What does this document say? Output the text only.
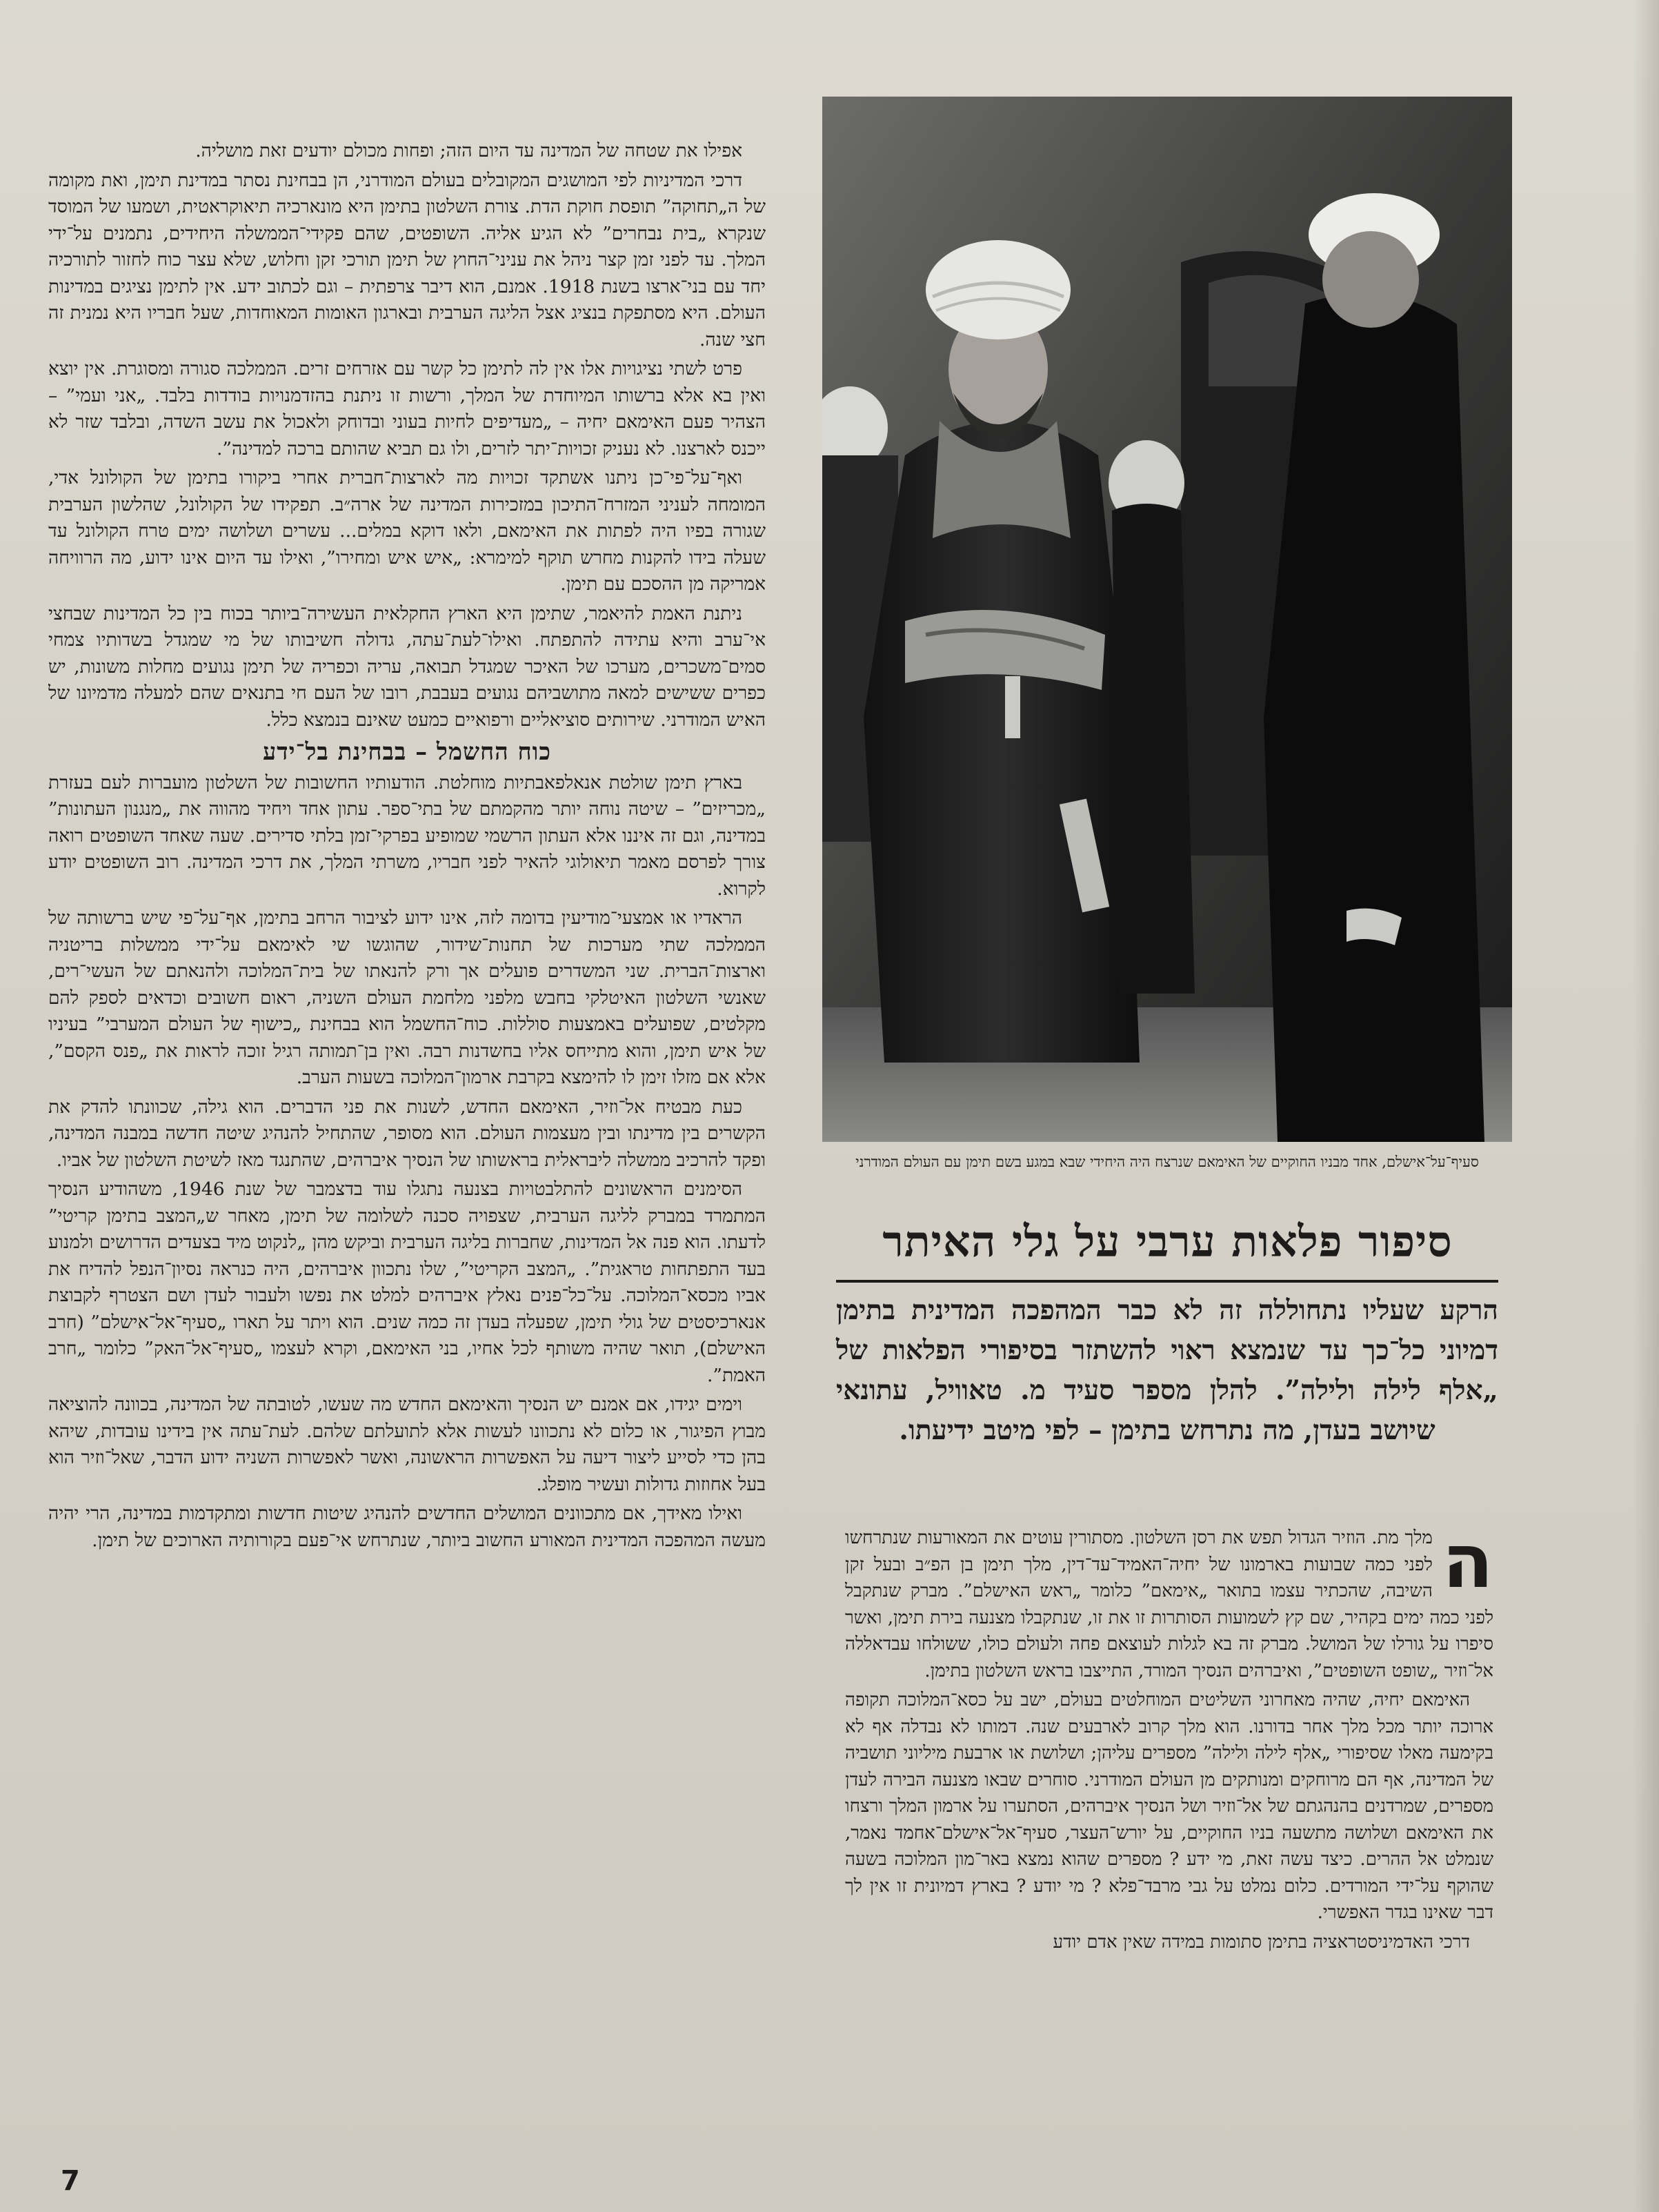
אפילו את שטחה של המדינה עד היום הזה; ופחות מכולם יודעים זאת מושליה.

דרכי המדיניות לפי המושגים המקובלים בעולם המודרני, הן בבחינת נסתר במדינת תימן, ואת מקומה של ה„תחוקה” תופסת חוקת הדת. צורת השלטון בתימן היא מונארכיה תיאוקראטית, ושמעו של המוסד שנקרא „בית נבחרים” לא הגיע אליה. השופטים, שהם פקידי־הממשלה היחידים, נתמנים על־ידי המלך. עד לפני זמן קצר ניהל את עניני־החוץ של תימן תורכי זקן וחלוש, שלא עצר כוח לחזור לתורכיה יחד עם בני־ארצו בשנת 1918. אמנם, הוא דיבר צרפתית – וגם לכתוב ידע. אין לתימן נציגים במדינות העולם. היא מסתפקת בנציג אצל הליגה הערבית ובארגון האומות המאוחדות, שעל חבריו היא נמנית זה חצי שנה.

פרט לשתי נציגויות אלו אין לה לתימן כל קשר עם אזרחים זרים. הממלכה סגורה ומסוגרת. אין יוצא ואין בא אלא ברשותו המיוחדת של המלך, ורשות זו ניתנת בהזדמנויות בודדות בלבד. „אני ועמי” – הצהיר פעם האימאם יחיה – „מעדיפים לחיות בעוני ובדוחק ולאכול את עשב השדה, ובלבד שזר לא ייכנס לארצנו. לא נעניק זכויות־יתר לזרים, ולו גם תביא שהותם ברכה למדינה”.

ואף־על־פי־כן ניתנו אשתקד זכויות מה לארצות־חברית אחרי ביקורו בתימן של הקולונל אדי, המומחה לעניני המזרח־התיכון במזכירות המדינה של ארה״ב. תפקידו של הקולונל, שהלשון הערבית שגורה בפיו היה לפתות את האימאם, ולאו דוקא במלים... עשרים ושלושה ימים טרח הקולונל עד שעלה בידו להקנות מחרש תוקף למימרא: „איש איש ומחירו”, ואילו עד היום אינו ידוע, מה הרוויחה אמריקה מן ההסכם עם תימן.

ניתנת האמת להיאמר, שתימן היא הארץ החקלאית העשירה־ביותר בכוח בין כל המדינות שבחצי אי־ערב והיא עתידה להתפתח. ואילו־לעת־עתה, גדולה חשיבותו של מי שמגדל בשדותיו צמחי סמים־משכרים, מערכו של האיכר שמגדל תבואה, עריה וכפריה של תימן נגועים מחלות משונות, יש כפרים ששישים למאה מתושביהם נגועים בעבבת, רובו של העם חי בתנאים שהם למעלה מדמיונו של האיש המודרני. שירותים סוציאליים ורפואיים כמעט שאינם בנמצא כלל.

כוח החשמל – בבחינת בל־ידע

בארץ תימן שולטת אנאלפאבתיות מוחלטת. הודעותיו החשובות של השלטון מועברות לעם בעזרת „מכריזים” – שיטה נוחה יותר מהקמתם של בתי־ספר. עתון אחד ויחיד מהווה את „מנגנון העתונות” במדינה, וגם זה איננו אלא העתון הרשמי שמופיע בפרקי־זמן בלתי סדירים. שעה שאחד השופטים רואה צורך לפרסם מאמר תיאולוגי להאיר לפני חבריו, משרתי המלך, את דרכי המדינה. רוב השופטים יודע לקרוא.

הראדיו או אמצעי־מודיעין בדומה לזה, אינו ידוע לציבור הרחב בתימן, אף־על־פי שיש ברשותה של הממלכה שתי מערכות של תחנות־שידור, שהוגשו שי לאימאם על־ידי ממשלות בריטניה וארצות־הברית. שני המשדרים פועלים אך ורק להנאתו של בית־המלוכה ולהנאתם של העשי־רים, שאנשי השלטון האיטלקי בחבש מלפני מלחמת העולם השניה, ראום חשובים וכדאים לספק להם מקלטים, שפועלים באמצעות סוללות. כוח־החשמל הוא בבחינת „כישוף של העולם המערבי” בעיניו של איש תימן, והוא מתייחס אליו בחשדנות רבה. ואין בן־תמותה רגיל זוכה לראות את „פנס הקסם”, אלא אם מזלו זימן לו להימצא בקרבת ארמון־המלוכה בשעות הערב.

כעת מבטיח אל־וזיר, האימאם החדש, לשנות את פני הדברים. הוא גילה, שכוונתו להדק את הקשרים בין מדינתו ובין מעצמות העולם. הוא מסופר, שהתחיל להנהיג שיטה חדשה במבנה המדינה, ופקד להרכיב ממשלה ליבראלית בראשותו של הנסיך איברהים, שהתנגד מאז לשיטת השלטון של אביו.

הסימנים הראשונים להתלבטויות בצנעה נתגלו עוד בדצמבר של שנת 1946, משהודיע הנסיך המתמרד במברק לליגה הערבית, שצפויה סכנה לשלומה של תימן, מאחר ש„המצב בתימן קריטי” לדעתו. הוא פנה אל המדינות, שחברות בליגה הערבית וביקש מהן „לנקוט מיד בצעדים הדרושים ולמנוע בעד התפתחות טראגית”. „המצב הקריטי”, שלו נתכוון איברהים, היה כנראה נסיון־הנפל להדיח את אביו מכסא־המלוכה. על־כל־פנים נאלץ איברהים למלט את נפשו ולעבור לעדן ושם הצטרף לקבוצת אנארכיסטים של גולי תימן, שפעלה בעדן זה כמה שנים. הוא ויתר על תארו „סעיף־אל־אישלם” (חרב האישלם), תואר שהיה משותף לכל אחיו, בני האימאם, וקרא לעצמו „סעיף־אל־האק” כלומר „חרב האמת”.

וימים יגידו, אם אמנם יש הנסיך והאימאם החדש מה שעשו, לטובתה של המדינה, בכוונה להוציאה מבוץ הפיגור, או כלום לא נתכוונו לעשות אלא לתועלתם שלהם. לעת־עתה אין בידינו עובדות, שיהא בהן כדי לסייע ליצור דיעה על האפשרות הראשונה, ואשר לאפשרות השניה ידוע הדבר, שאל־וזיר הוא בעל אחוזות גדולות ועשיר מופלג.

ואילו מאידך, אם מתכוונים המושלים החדשים להנהיג שיטות חדשות ומתקדמות במדינה, הרי יהיה מעשה המהפכה המדינית המאורע החשוב ביותר, שנתרחש אי־פעם בקורותיה הארוכים של תימן.

סעיף־על־אישלם, אחד מבניו החוקיים של האימאם שנרצח היה היחידי שבא במגע בשם תימן עם העולם המודרני
סיפור פלאות ערבי על גלי האיתר
הרקע שעליו נתחוללה זה לא כבר המהפכה המדינית בתימן דמיוני כל־כך עד שנמצא ראוי להשתזר בסיפורי הפלאות של „אלף לילה ולילה”. להלן מספר סעיד מ. טאוויל, עתונאי שיושב בעדן, מה נתרחש בתימן – לפי מיטב ידיעתו.
ה

מלך מת. הוזיר הגדול תפש את רסן השלטון. מסתורין עוטים את המאורעות שנתרחשו לפני כמה שבועות בארמונו של יחיה־האמיד־עד־דין, מלך תימן בן הפ״ב ובעל זקן השיבה, שהכתיר עצמו בתואר „אימאם” כלומר „ראש האישלם”. מברק שנתקבל לפני כמה ימים בקהיר, שם קץ לשמועות הסותרות זו את זו, שנתקבלו מצנעה בירת תימן, ואשר סיפרו על גורלו של המושל. מברק זה בא לגלות לעוצאם פחה ולעולם כולו, ששולחו עבדאללה אל־וזיר „שופט השופטים”, ואיברהים הנסיך המורד, התייצבו בראש השלטון בתימן.

האימאם יחיה, שהיה מאחרוני השליטים המוחלטים בעולם, ישב על כסא־המלוכה תקופה ארוכה יותר מכל מלך אחר בדורנו. הוא מלך קרוב לארבעים שנה. דמותו לא נבדלה אף לא בקימעה מאלו שסיפורי „אלף לילה ולילה” מספרים עליהן; ושלושת או ארבעת מיליוני תושביה של המדינה, אף הם מרוחקים ומנותקים מן העולם המודרני. סוחרים שבאו מצנעה הבירה לעדן מספרים, שמרדנים בהנהגתם של אל־וזיר ושל הנסיך איברהים, הסתערו על ארמון המלך ורצחו את האימאם ושלושה מתשעה בניו החוקיים, על יורש־העצר, סעיף־אל־אישלם־אחמד נאמר, שנמלט אל ההרים. כיצד עשה זאת, מי ידע ? מספרים שהוא נמצא באר־מון המלוכה בשעה שהוקף על־ידי המורדים. כלום נמלט על גבי מרבד־פלא ? מי יודע ? בארץ דמיונית זו אין לך דבר שאינו בגדר האפשרי.

דרכי האדמיניסטראציה בתימן סתומות במידה שאין אדם יודע

7
